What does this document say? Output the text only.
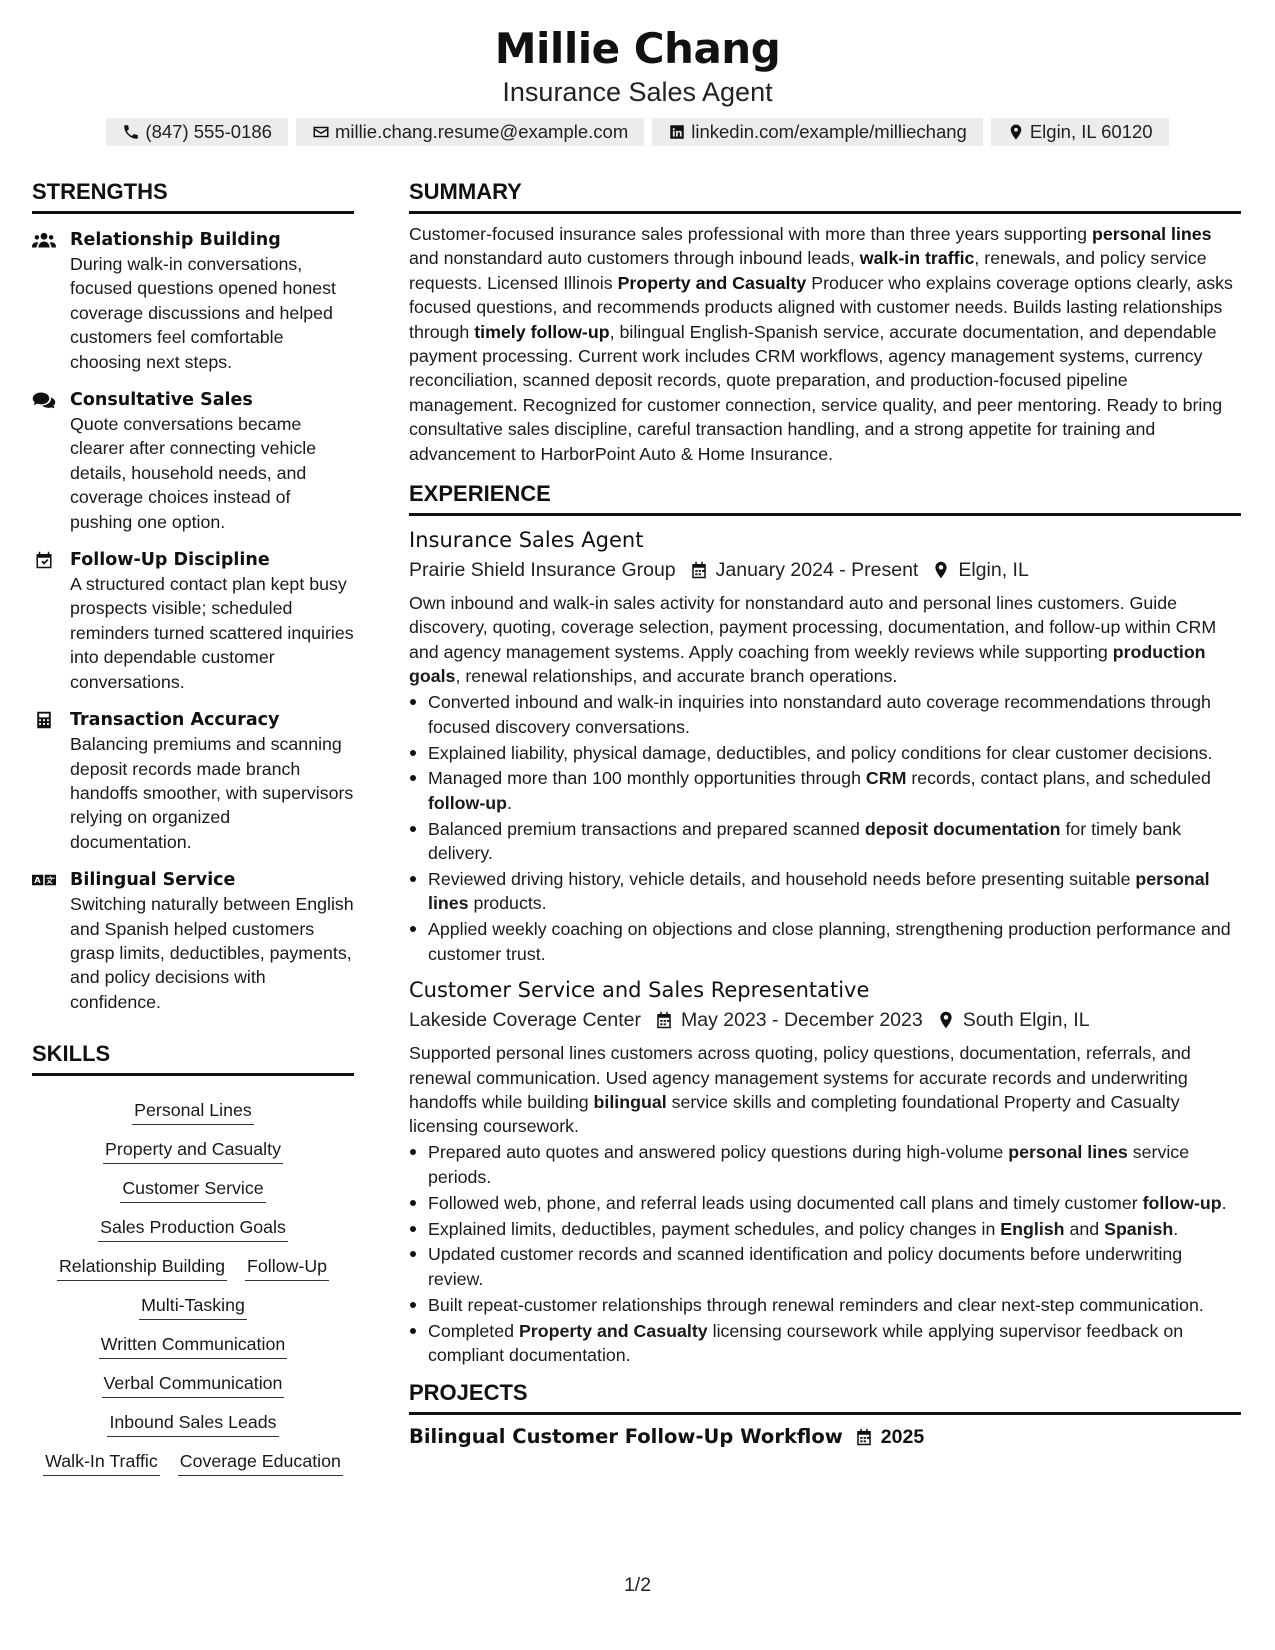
Millie Chang
Insurance Sales Agent
(847) 555-0186	millie.chang.resume@example.com	linkedin.com/example/milliechang	Elgin, IL 60120
STRENGTHS
Relationship Building
During walk-in conversations, focused questions opened honest coverage discussions and helped customers feel comfortable choosing next steps.
Consultative Sales
Quote conversations became clearer after connecting vehicle details, household needs, and coverage choices instead of pushing one option.
Follow-Up Discipline
A structured contact plan kept busy prospects visible; scheduled reminders turned scattered inquiries into dependable customer conversations.
Transaction Accuracy
Balancing premiums and scanning deposit records made branch handoffs smoother, with supervisors relying on organized documentation.
Bilingual Service
Switching naturally between English and Spanish helped customers grasp limits, deductibles, payments, and policy decisions with confidence.
SKILLS
Personal Lines
Property and Casualty
Customer Service
Sales Production Goals
Relationship Building Follow-Up
Multi-Tasking
Written Communication
Verbal Communication
Inbound Sales Leads
Walk-In Traffic Coverage Education
SUMMARY
Customer-focused insurance sales professional with more than three years supporting personal lines and nonstandard auto customers through inbound leads, walk-in traffic, renewals, and policy service requests. Licensed Illinois Property and Casualty Producer who explains coverage options clearly, asks focused questions, and recommends products aligned with customer needs. Builds lasting relationships through timely follow-up, bilingual English-Spanish service, accurate documentation, and dependable payment processing. Current work includes CRM workflows, agency management systems, currency reconciliation, scanned deposit records, quote preparation, and production-focused pipeline management. Recognized for customer connection, service quality, and peer mentoring. Ready to bring consultative sales discipline, careful transaction handling, and a strong appetite for training and advancement to HarborPoint Auto & Home Insurance.
EXPERIENCE
Insurance Sales Agent
Prairie Shield Insurance Group January 2024 - Present Elgin, IL
Own inbound and walk-in sales activity for nonstandard auto and personal lines customers. Guide discovery, quoting, coverage selection, payment processing, documentation, and follow-up within CRM and agency management systems. Apply coaching from weekly reviews while supporting production goals, renewal relationships, and accurate branch operations.
Converted inbound and walk-in inquiries into nonstandard auto coverage recommendations through focused discovery conversations.
Explained liability, physical damage, deductibles, and policy conditions for clear customer decisions.
Managed more than 100 monthly opportunities through CRM records, contact plans, and scheduled follow-up.
Balanced premium transactions and prepared scanned deposit documentation for timely bank delivery.
Reviewed driving history, vehicle details, and household needs before presenting suitable personal lines products.
Applied weekly coaching on objections and close planning, strengthening production performance and customer trust.
Customer Service and Sales Representative
Lakeside Coverage Center May 2023 - December 2023 South Elgin, IL
Supported personal lines customers across quoting, policy questions, documentation, referrals, and renewal communication. Used agency management systems for accurate records and underwriting handoffs while building bilingual service skills and completing foundational Property and Casualty licensing coursework.
Prepared auto quotes and answered policy questions during high-volume personal lines service periods.
Followed web, phone, and referral leads using documented call plans and timely customer follow-up.
Explained limits, deductibles, payment schedules, and policy changes in English and Spanish.
Updated customer records and scanned identification and policy documents before underwriting review.
Built repeat-customer relationships through renewal reminders and clear next-step communication.
Completed Property and Casualty licensing coursework while applying supervisor feedback on compliant documentation.
PROJECTS
Bilingual Customer Follow-Up Workflow 2025
1/2
